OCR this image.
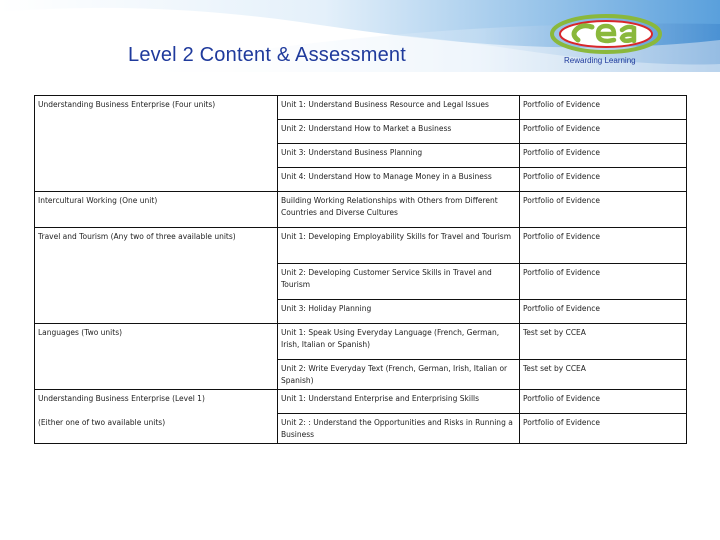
Level 2 Content & Assessment	Rewarding Learning
Understanding Business Enterprise (Four units)	Unit 1: Understand Business Resource and Legal Issues	Portfolio of Evidence
	Unit 2: Understand How to Market a Business	Portfolio of Evidence
	Unit 3: Understand Business Planning	Portfolio of Evidence
	Unit 4: Understand How to Manage Money in a Business	Portfolio of Evidence
Intercultural Working (One unit)	Building Working Relationships with Others from Different Countries and Diverse Cultures	Portfolio of Evidence
Travel and Tourism (Any two of three available units)	Unit 1: Developing Employability Skills for Travel and Tourism	Portfolio of Evidence
	Unit 2: Developing Customer Service Skills in Travel and Tourism	Portfolio of Evidence
	Unit 3: Holiday Planning	Portfolio of Evidence
Languages (Two units)	Unit 1: Speak Using Everyday Language (French, German, Irish, Italian or Spanish)	Test set by CCEA
	Unit 2: Write Everyday Text (French, German, Irish, Italian or Spanish)	Test set by CCEA
Understanding Business Enterprise (Level 1)	Unit 1: Understand Enterprise and Enterprising Skills	Portfolio of Evidence
(Either one of two available units)	Unit 2: : Understand the Opportunities and Risks in Running a Business	Portfolio of Evidence
